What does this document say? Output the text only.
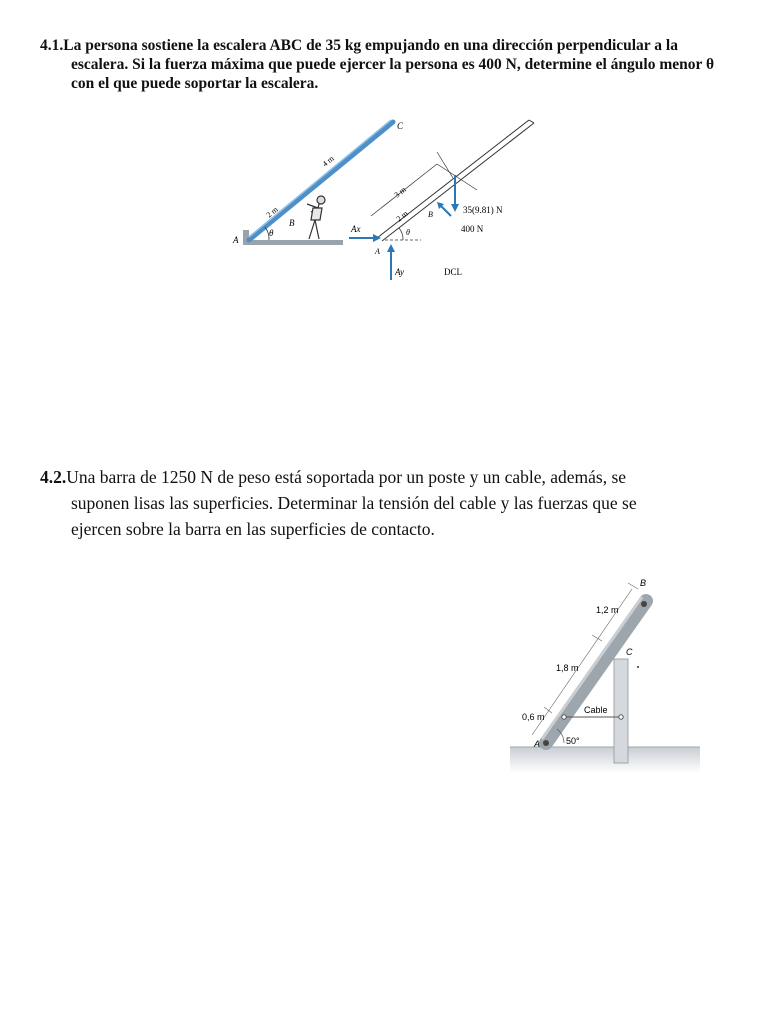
4.1.La persona sostiene la escalera ABC de 35 kg empujando en una dirección perpendicular a la
escalera. Si la fuerza máxima que puede ejercer la persona es 400 N, determine el ángulo menor θ
con el que puede soportar la escalera.
θ
A
B
C
4 m
2 m
3 m
2 m	35(9.81) N
400 N
B
Ax
Ay
A
θ
DCL
4.2.Una barra de 1250 N de peso está soportada por un poste y un cable, además, se
suponen lisas las superficies. Determinar la tensión del cable y las fuerzas que se
ejercen sobre la barra en las superficies de contacto.
Cable
1,2 m
1,8 m
0,6 m
B
C
A	50°
